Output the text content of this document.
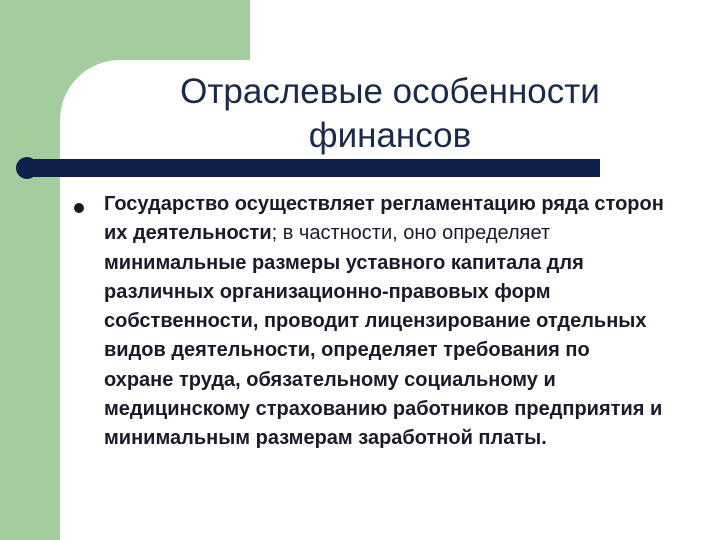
Отраслевые особенности финансов

Государство осуществляет регламентацию ряда сторон их деятельности; в частности, оно определяет минимальные размеры уставного капитала для различных организационно-правовых форм собственности, проводит лицензирование отдельных видов деятельности, определяет требования по охране труда, обязательному социальному и медицинскому страхованию работников предприятия и минимальным размерам заработной платы.
